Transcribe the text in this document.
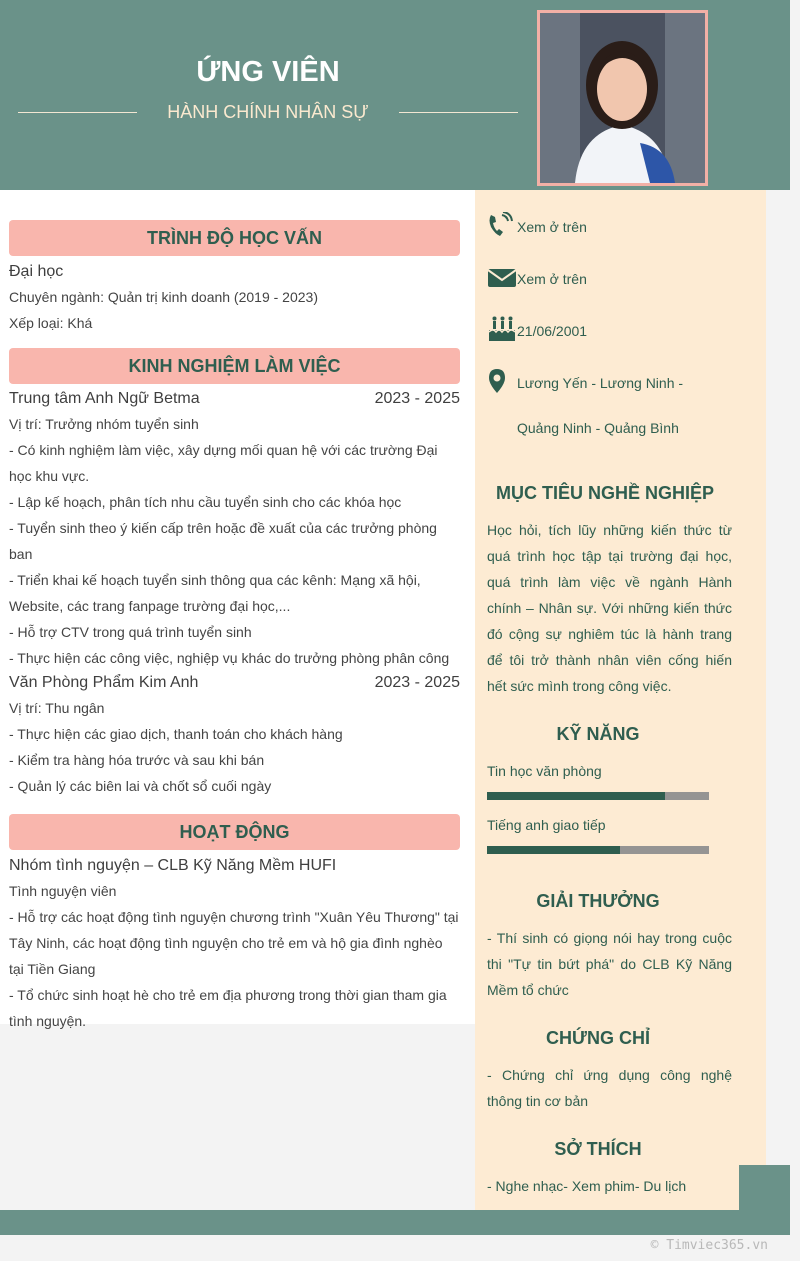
ỨNG VIÊN
HÀNH CHÍNH NHÂN SỰ
TRÌNH ĐỘ HỌC VẤN
Đại học
Chuyên ngành: Quản trị kinh doanh (2019 - 2023)
Xếp loại: Khá
KINH NGHIỆM LÀM VIỆC
Trung tâm Anh Ngữ Betma	2023 - 2025
Vị trí: Trưởng nhóm tuyển sinh
- Có kinh nghiệm làm việc, xây dựng mối quan hệ với các trường Đại học khu vực.
- Lập kế hoạch, phân tích nhu cầu tuyển sinh cho các khóa học
- Tuyển sinh theo ý kiến cấp trên hoặc đề xuất của các trưởng phòng ban
- Triển khai kế hoạch tuyển sinh thông qua các kênh: Mạng xã hội, Website, các trang fanpage trường đại học,...
- Hỗ trợ CTV trong quá trình tuyển sinh
- Thực hiện các công việc, nghiệp vụ khác do trưởng phòng phân công
Văn Phòng Phẩm Kim Anh	2023 - 2025
Vị trí: Thu ngân
- Thực hiện các giao dịch, thanh toán cho khách hàng
- Kiểm tra hàng hóa trước và sau khi bán
- Quản lý các biên lai và chốt sổ cuối ngày
HOẠT ĐỘNG
Nhóm tình nguyện – CLB Kỹ Năng Mềm HUFI
Tình nguyện viên
- Hỗ trợ các hoạt động tình nguyện chương trình "Xuân Yêu Thương" tại Tây Ninh, các hoạt động tình nguyện cho trẻ em và hộ gia đình nghèo tại Tiền Giang
- Tổ chức sinh hoạt hè cho trẻ em địa phương trong thời gian tham gia tình nguyện.
Xem ở trên
Xem ở trên
21/06/2001
Lương Yến - Lương Ninh -
Quảng Ninh - Quảng Bình
MỤC TIÊU NGHỀ NGHIỆP
Học hỏi, tích lũy những kiến thức từ quá trình học tập tại trường đại học, quá trình làm việc về ngành Hành chính – Nhân sự. Với những kiến thức đó cộng sự nghiêm túc là hành trang để tôi trở thành nhân viên cống hiến hết sức mình trong công việc.
KỸ NĂNG
Tin học văn phòng
Tiếng anh giao tiếp
GIẢI THƯỞNG
- Thí sinh có giọng nói hay trong cuộc thi "Tự tin bứt phá" do CLB Kỹ Năng Mềm tổ chức
CHỨNG CHỈ
- Chứng chỉ ứng dụng công nghệ thông tin cơ bản
SỞ THÍCH
- Nghe nhạc- Xem phim- Du lịch
© Timviec365.vn
